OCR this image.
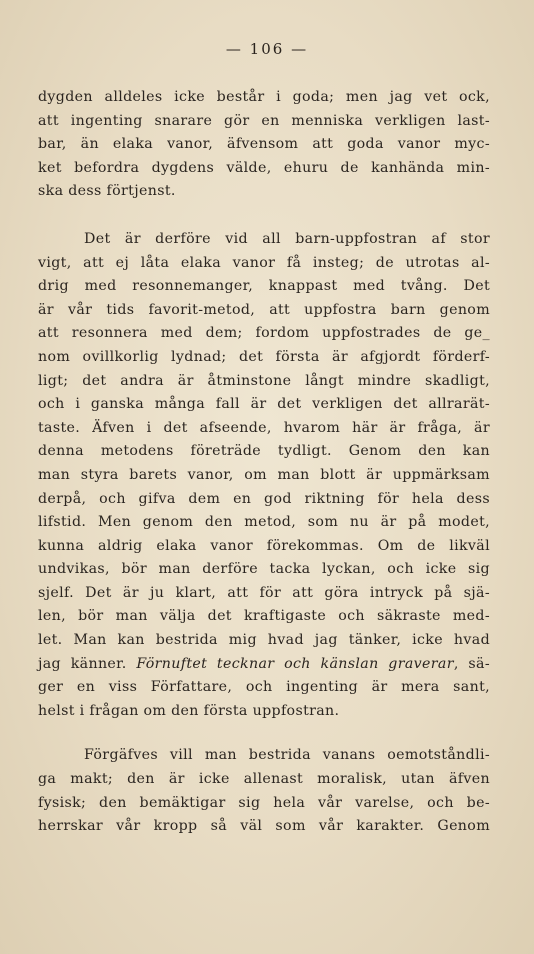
— 106 —
dygden alldeles icke består i goda; men jag vet ock,
att ingenting snarare gör en menniska verkligen last-
bar, än elaka vanor, äfvensom att goda vanor myc-
ket befordra dygdens välde, ehuru de kanhända min-
ska dess förtjenst.
Det är derföre vid all barn-uppfostran af stor
vigt, att ej låta elaka vanor få insteg; de utrotas al-
drig med resonnemanger, knappast med tvång. Det
är vår tids favorit-metod, att uppfostra barn genom
att resonnera med dem; fordom uppfostrades de ge_
nom ovillkorlig lydnad; det första är afgjordt förderf-
ligt; det andra är åtminstone långt mindre skadligt,
och i ganska många fall är det verkligen det allrarät-
taste. Äfven i det afseende, hvarom här är fråga, är
denna metodens företräde tydligt. Genom den kan
man styra barets vanor, om man blott är uppmärksam
derpå, och gifva dem en god riktning för hela dess
lifstid. Men genom den metod, som nu är på modet,
kunna aldrig elaka vanor förekommas. Om de likväl
undvikas, bör man derföre tacka lyckan, och icke sig
sjelf. Det är ju klart, att för att göra intryck på sjä-
len, bör man välja det kraftigaste och säkraste med-
let. Man kan bestrida mig hvad jag tänker, icke hvad
jag känner. Förnuftet tecknar och känslan graverar, sä-
ger en viss Författare, och ingenting är mera sant,
helst i frågan om den första uppfostran.
Förgäfves vill man bestrida vanans oemotståndli-
ga makt; den är icke allenast moralisk, utan äfven
fysisk; den bemäktigar sig hela vår varelse, och be-
herrskar vår kropp så väl som vår karakter. Genom
